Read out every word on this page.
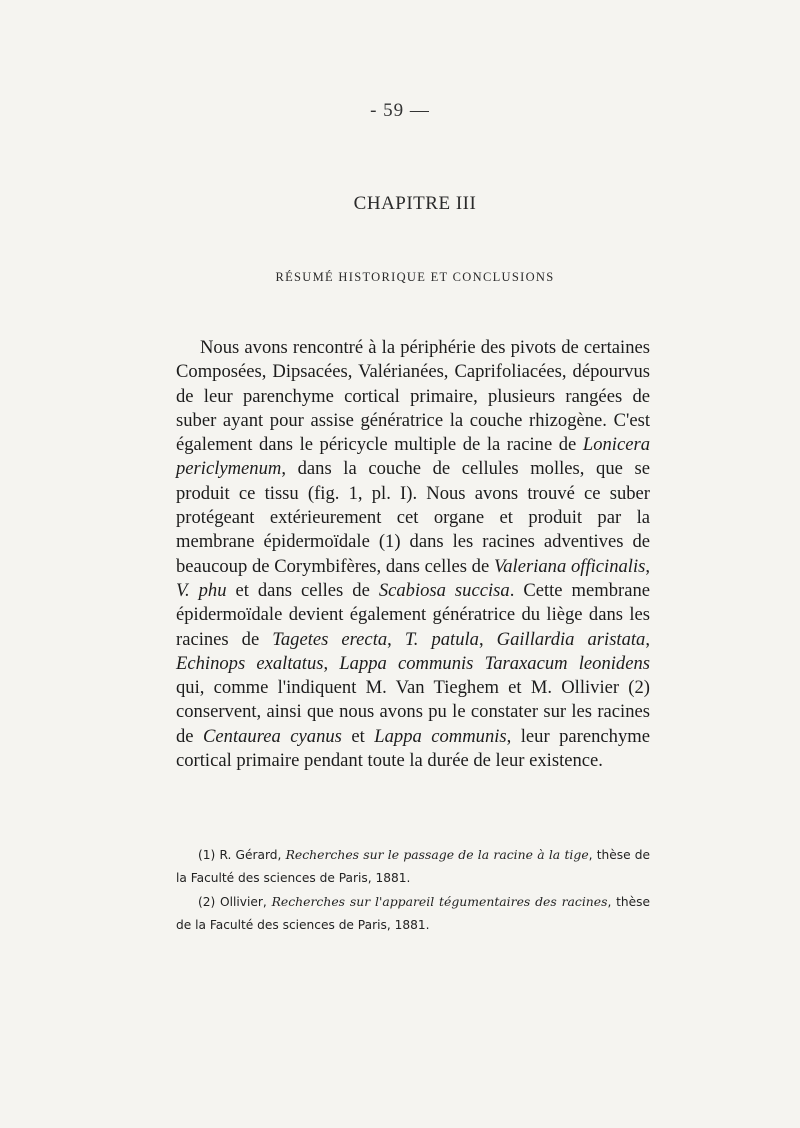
- 59 —
CHAPITRE III
RÉSUMÉ HISTORIQUE ET CONCLUSIONS

Nous avons rencontré à la périphérie des pivots de certaines Composées, Dipsacées, Valérianées, Caprifoliacées, dépourvus de leur parenchyme cortical primaire, plusieurs rangées de suber ayant pour assise génératrice la couche rhizogène. C'est également dans le péricycle multiple de la racine de Lonicera periclymenum, dans la couche de cellules molles, que se produit ce tissu (fig. 1, pl. I). Nous avons trouvé ce suber protégeant extérieurement cet organe et produit par la membrane épidermoïdale (1) dans les racines adventives de beaucoup de Corymbifères, dans celles de Valeriana officinalis, V. phu et dans celles de Scabiosa succisa. Cette membrane épidermoïdale devient également génératrice du liège dans les racines de Tagetes erecta, T. patula, Gaillardia aristata, Echinops exaltatus, Lappa communis Taraxacum leonidens qui, comme l'indiquent M. Van Tieghem et M. Ollivier (2) conservent, ainsi que nous avons pu le constater sur les racines de Centaurea cyanus et Lappa communis, leur parenchyme cortical primaire pendant toute la durée de leur existence.

(1) R. Gérard, Recherches sur le passage de la racine à la tige, thèse de la Faculté des sciences de Paris, 1881.

(2) Ollivier, Recherches sur l'appareil tégumentaires des racines, thèse de la Faculté des sciences de Paris, 1881.
